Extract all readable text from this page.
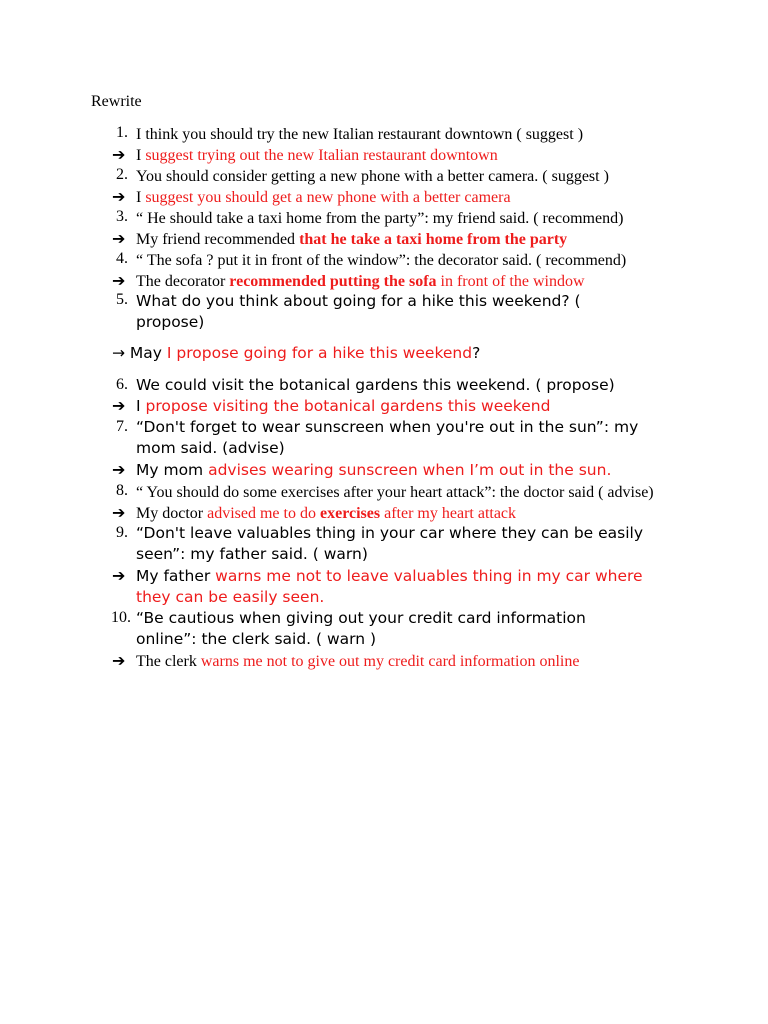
Rewrite
1. I think you should try the new Italian restaurant downtown ( suggest )

➔ I suggest trying out the new Italian restaurant downtown

2. You should consider getting a new phone with a better camera. ( suggest )

➔ I suggest you should get a new phone with a better camera

3. “ He should take a taxi home from the party”: my friend said. ( recommend)

➔ My friend recommended that he take a taxi home from the party

4. “ The sofa ? put it in front of the window”: the decorator said. ( recommend)

➔ The decorator recommended putting the sofa in front of the window

5. What do you think about going for a hike this weekend? ( propose)

→ May I propose going for a hike this weekend?

6. We could visit the botanical gardens this weekend. ( propose)

➔ I propose visiting the botanical gardens this weekend

7. “Don't forget to wear sunscreen when you're out in the sun”: my mom said. (advise)

➔ My mom advises wearing sunscreen when I’m out in the sun.

8. “ You should do some exercises after your heart attack”: the doctor said ( advise)

➔ My doctor advised me to do exercises after my heart attack

9. “Don't leave valuables thing in your car where they can be easily seen”: my father said. ( warn)

➔ My father warns me not to leave valuables thing in my car where they can be easily seen.

10. “Be cautious when giving out your credit card information online”: the clerk said. ( warn )

➔ The clerk warns me not to give out my credit card information online
